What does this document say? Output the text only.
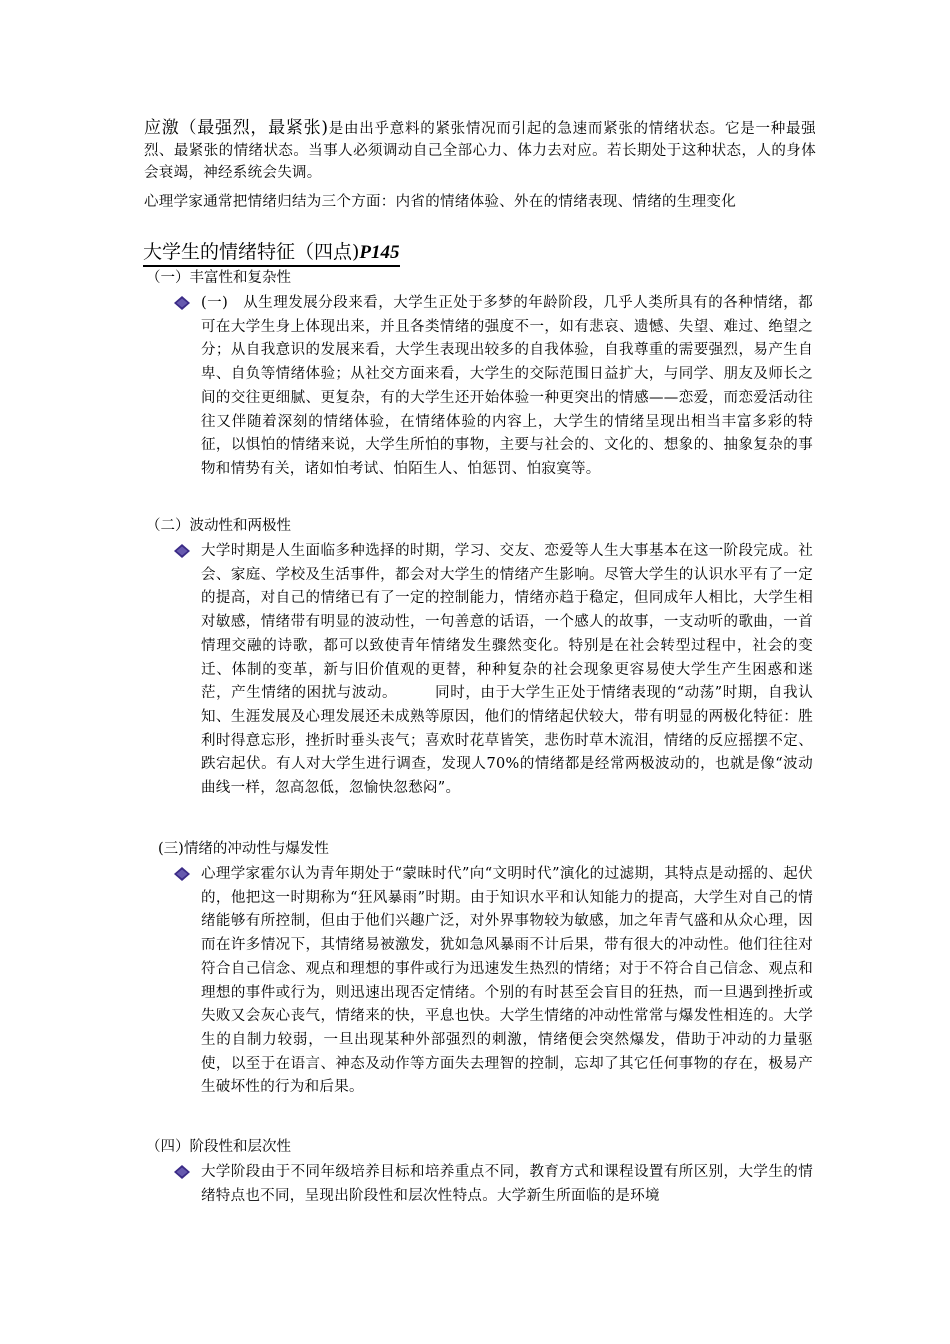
应激（最强烈，最紧张)是由出乎意料的紧张情况而引起的急速而紧张的情绪状态。它是一种最强烈、最紧张的情绪状态。当事人必须调动自己全部心力、体力去对应。若长期处于这种状态，人的身体会衰竭，神经系统会失调。
心理学家通常把情绪归结为三个方面：内省的情绪体验、外在的情绪表现、情绪的生理变化
大学生的情绪特征（四点)P145
（一）丰富性和复杂性
(一)　从生理发展分段来看，大学生正处于多梦的年龄阶段，几乎人类所具有的各种情绪，都可在大学生身上体现出来，并且各类情绪的强度不一，如有悲哀、遗憾、失望、难过、绝望之分；从自我意识的发展来看，大学生表现出较多的自我体验，自我尊重的需要强烈，易产生自卑、自负等情绪体验；从社交方面来看，大学生的交际范围日益扩大，与同学、朋友及师长之间的交往更细腻、更复杂，有的大学生还开始体验一种更突出的情感——恋爱，而恋爱活动往往又伴随着深刻的情绪体验，在情绪体验的内容上，大学生的情绪呈现出相当丰富多彩的特征，以惧怕的情绪来说，大学生所怕的事物，主要与社会的、文化的、想象的、抽象复杂的事物和情势有关，诸如怕考试、怕陌生人、怕惩罚、怕寂寞等。
（二）波动性和两极性
大学时期是人生面临多种选择的时期，学习、交友、恋爱等人生大事基本在这一阶段完成。社会、家庭、学校及生活事件，都会对大学生的情绪产生影响。尽管大学生的认识水平有了一定的提高，对自己的情绪已有了一定的控制能力，情绪亦趋于稳定，但同成年人相比，大学生相对敏感，情绪带有明显的波动性，一句善意的话语，一个感人的故事，一支动听的歌曲，一首情理交融的诗歌，都可以致使青年情绪发生骤然变化。特别是在社会转型过程中，社会的变迁、体制的变革，新与旧价值观的更替，种种复杂的社会现象更容易使大学生产生困惑和迷茫，产生情绪的困扰与波动。　　　同时，由于大学生正处于情绪表现的“动荡”时期，自我认知、生涯发展及心理发展还未成熟等原因，他们的情绪起伏较大，带有明显的两极化特征：胜利时得意忘形，挫折时垂头丧气；喜欢时花草皆笑，悲伤时草木流泪，情绪的反应摇摆不定、跌宕起伏。有人对大学生进行调查，发现人70%的情绪都是经常两极波动的，也就是像“波动曲线一样，忽高忽低，忽愉快忽愁闷”。
(三)情绪的冲动性与爆发性
心理学家霍尔认为青年期处于“蒙昧时代”向“文明时代”演化的过滤期，其特点是动摇的、起伏的，他把这一时期称为“狂风暴雨”时期。由于知识水平和认知能力的提高，大学生对自己的情绪能够有所控制，但由于他们兴趣广泛，对外界事物较为敏感，加之年青气盛和从众心理，因而在许多情况下，其情绪易被激发，犹如急风暴雨不计后果，带有很大的冲动性。他们往往对符合自己信念、观点和理想的事件或行为迅速发生热烈的情绪；对于不符合自己信念、观点和理想的事件或行为，则迅速出现否定情绪。个别的有时甚至会盲目的狂热，而一旦遇到挫折或失败又会灰心丧气，情绪来的快，平息也快。大学生情绪的冲动性常常与爆发性相连的。大学生的自制力较弱，一旦出现某种外部强烈的刺激，情绪便会突然爆发，借助于冲动的力量驱使，以至于在语言、神态及动作等方面失去理智的控制，忘却了其它任何事物的存在，极易产生破坏性的行为和后果。
（四）阶段性和层次性
大学阶段由于不同年级培养目标和培养重点不同，教育方式和课程设置有所区别，大学生的情绪特点也不同，呈现出阶段性和层次性特点。大学新生所面临的是环境
